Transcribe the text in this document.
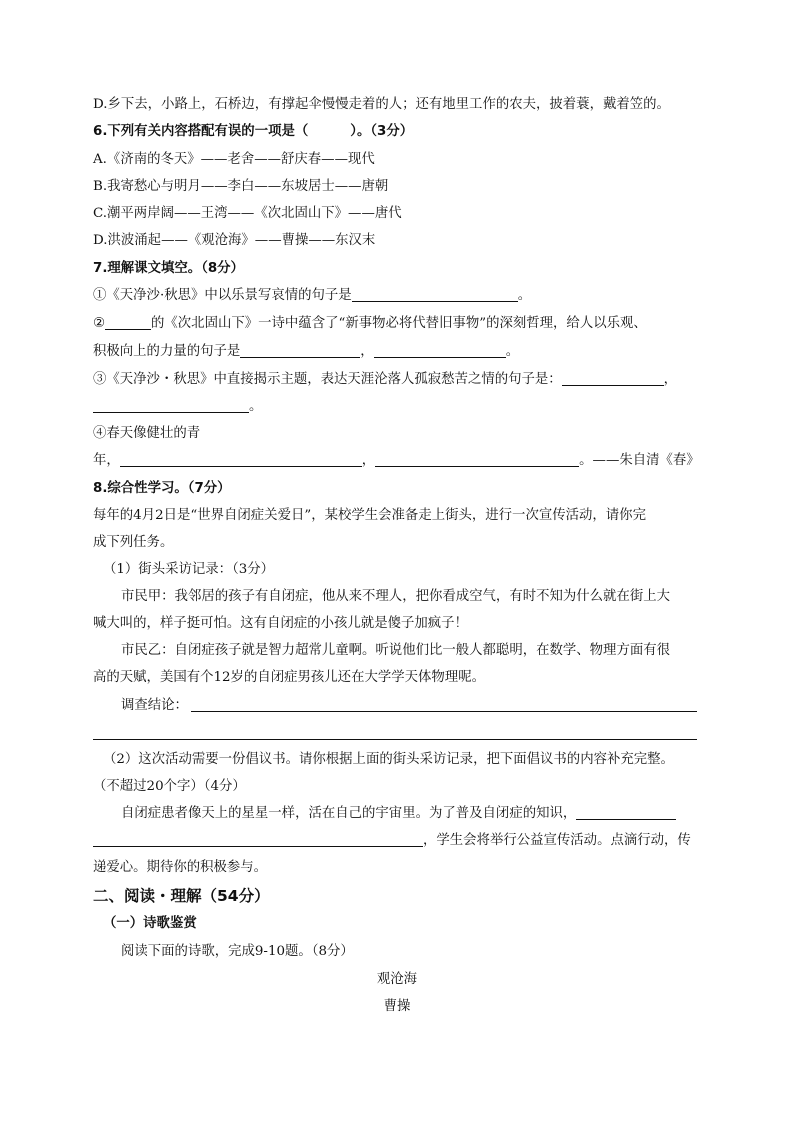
D.乡下去，小路上，石桥边，有撑起伞慢慢走着的人；还有地里工作的农夫，披着蓑，戴着笠的。
6.下列有关内容搭配有误的一项是（	）。（3分）
A.《济南的冬天》——老舍——舒庆春——现代
B.我寄愁心与明月——李白——东坡居士——唐朝
C.潮平两岸阔——王湾——《次北固山下》——唐代
D.洪波涌起——《观沧海》——曹操——东汉末
7.理解课文填空。（8分）
①《天净沙·秋思》中以乐景写哀情的句子是	。
②	的《次北固山下》一诗中蕴含了“新事物必将代替旧事物”的深刻哲理，给人以乐观、
积极向上的力量的句子是	，	。
③《天净沙・秋思》中直接揭示主题，表达天涯沦落人孤寂愁苦之情的句子是：	，
。
④春天像健壮的青
年，	，	。——朱自清《春》
8.综合性学习。（7分）
每年的4月2日是“世界自闭症关爱日”，某校学生会准备走上街头，进行一次宣传活动，请你完
成下列任务。
（1）街头采访记录：（3分）
市民甲：我邻居的孩子有自闭症，他从来不理人，把你看成空气，有时不知为什么就在街上大
喊大叫的，样子挺可怕。这有自闭症的小孩儿就是傻子加疯子！
市民乙：自闭症孩子就是智力超常儿童啊。听说他们比一般人都聪明，在数学、物理方面有很
高的天赋，美国有个12岁的自闭症男孩儿还在大学学天体物理呢。
调查结论：
（2）这次活动需要一份倡议书。请你根据上面的街头采访记录，把下面倡议书的内容补充完整。
（不超过20个字）（4分）
自闭症患者像天上的星星一样，活在自己的宇宙里。为了普及自闭症的知识，
，学生会将举行公益宣传活动。点滴行动，传
递爱心。期待你的积极参与。
二、阅读・理解（54分）
（一）诗歌鉴赏
阅读下面的诗歌，完成9-10题。（8分）
观沧海
曹操
